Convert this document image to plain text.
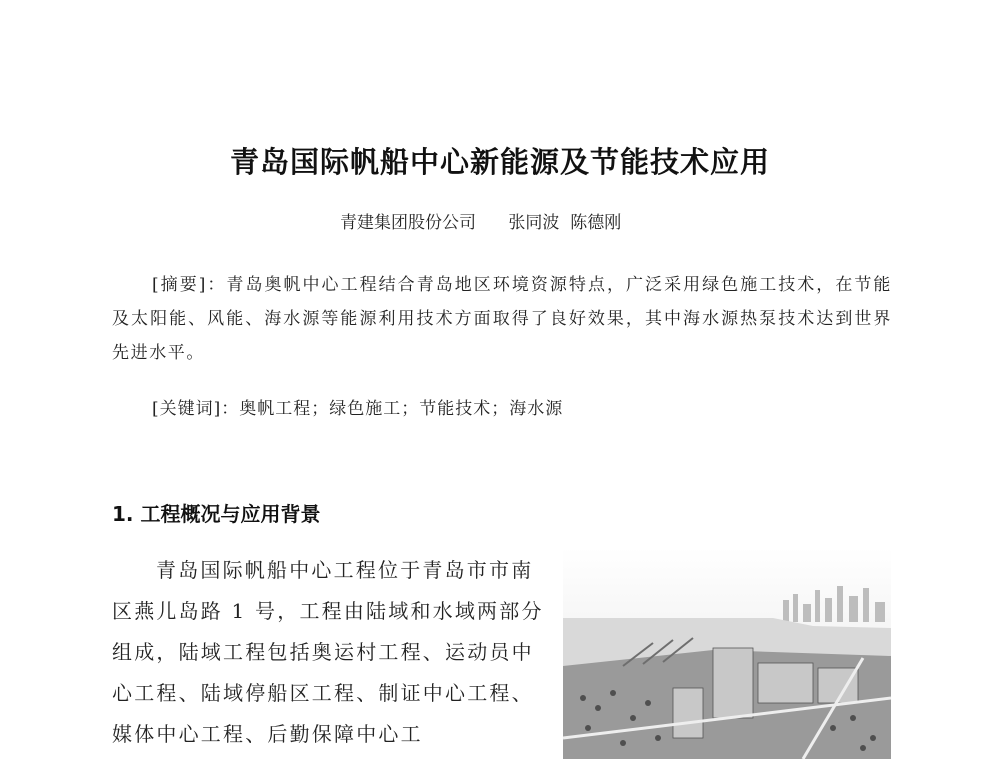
青岛国际帆船中心新能源及节能技术应用
青建集团股份公司      张同波  陈德刚
[摘要]：青岛奥帆中心工程结合青岛地区环境资源特点，广泛采用绿色施工技术，在节能及太阳能、风能、海水源等能源利用技术方面取得了良好效果，其中海水源热泵技术达到世界先进水平。
[关键词]：奥帆工程；绿色施工；节能技术；海水源
1. 工程概况与应用背景
青岛国际帆船中心工程位于青岛市市南区燕儿岛路 1 号，工程由陆域和水域两部分组成，陆域工程包括奥运村工程、运动员中心工程、陆域停船区工程、制证中心工程、媒体中心工程、后勤保障中心工
